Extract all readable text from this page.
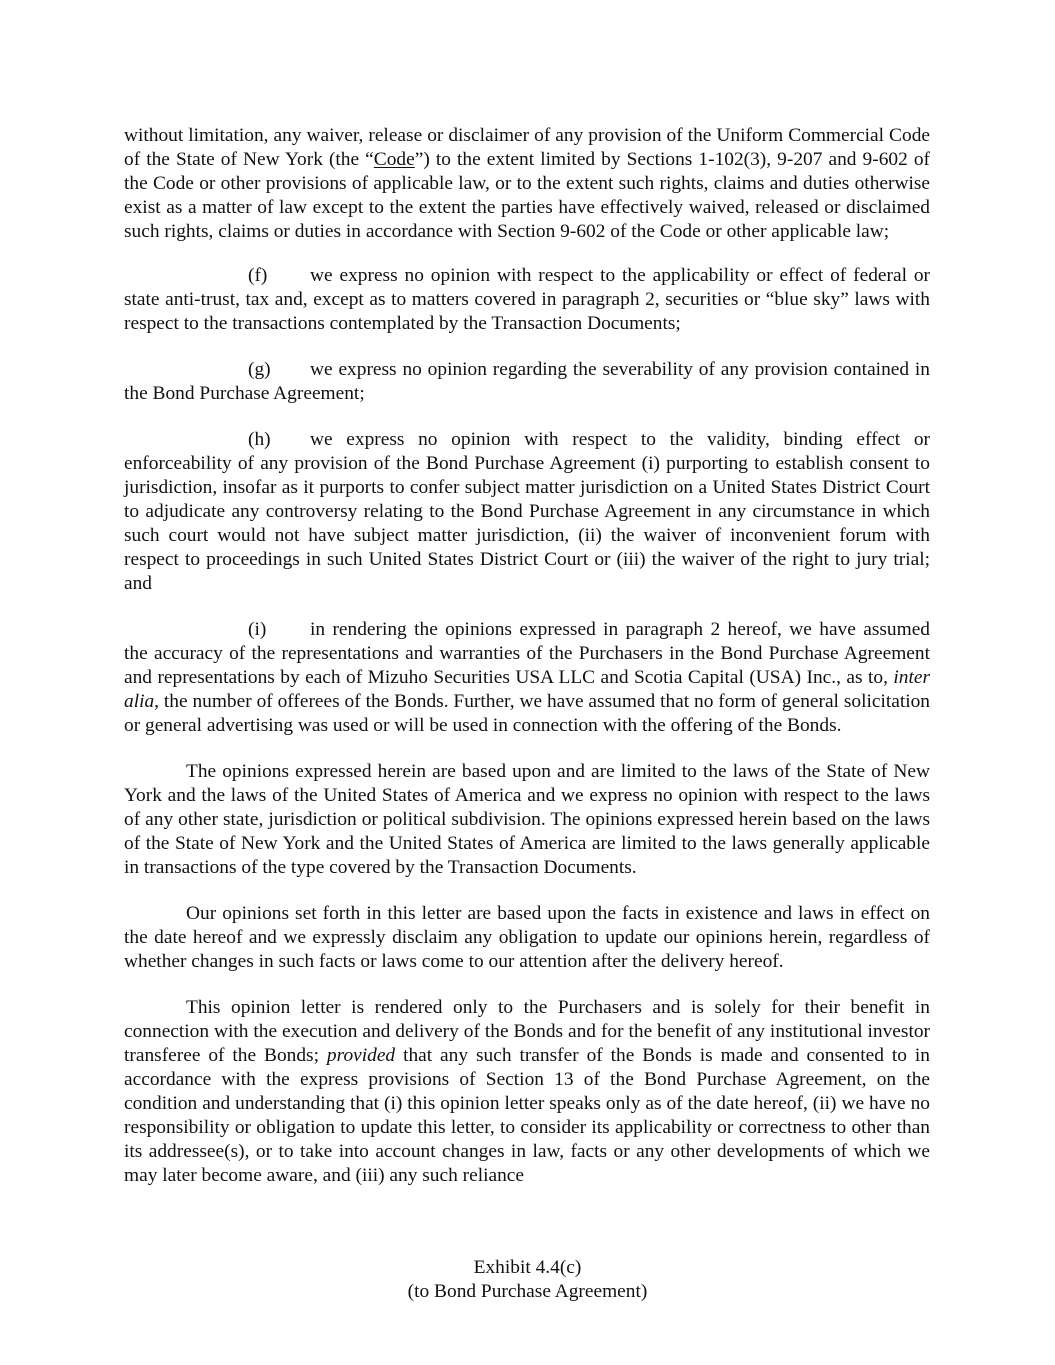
without limitation, any waiver, release or disclaimer of any provision of the Uniform Commercial Code of the State of New York (the “Code”) to the extent limited by Sections 1-102(3), 9-207 and 9-602 of the Code or other provisions of applicable law, or to the extent such rights, claims and duties otherwise exist as a matter of law except to the extent the parties have effectively waived, released or disclaimed such rights, claims or duties in accordance with Section 9-602 of the Code or other applicable law;

(f) we express no opinion with respect to the applicability or effect of federal or state anti-trust, tax and, except as to matters covered in paragraph 2, securities or “blue sky” laws with respect to the transactions contemplated by the Transaction Documents;

(g) we express no opinion regarding the severability of any provision contained in the Bond Purchase Agreement;

(h) we express no opinion with respect to the validity, binding effect or enforceability of any provision of the Bond Purchase Agreement (i) purporting to establish consent to jurisdiction, insofar as it purports to confer subject matter jurisdiction on a United States District Court to adjudicate any controversy relating to the Bond Purchase Agreement in any circumstance in which such court would not have subject matter jurisdiction, (ii) the waiver of inconvenient forum with respect to proceedings in such United States District Court or (iii) the waiver of the right to jury trial; and

(i) in rendering the opinions expressed in paragraph 2 hereof, we have assumed the accuracy of the representations and warranties of the Purchasers in the Bond Purchase Agreement and representations by each of Mizuho Securities USA LLC and Scotia Capital (USA) Inc., as to, inter alia, the number of offerees of the Bonds. Further, we have assumed that no form of general solicitation or general advertising was used or will be used in connection with the offering of the Bonds.

The opinions expressed herein are based upon and are limited to the laws of the State of New York and the laws of the United States of America and we express no opinion with respect to the laws of any other state, jurisdiction or political subdivision. The opinions expressed herein based on the laws of the State of New York and the United States of America are limited to the laws generally applicable in transactions of the type covered by the Transaction Documents.

Our opinions set forth in this letter are based upon the facts in existence and laws in effect on the date hereof and we expressly disclaim any obligation to update our opinions herein, regardless of whether changes in such facts or laws come to our attention after the delivery hereof.

This opinion letter is rendered only to the Purchasers and is solely for their benefit in connection with the execution and delivery of the Bonds and for the benefit of any institutional investor transferee of the Bonds; provided that any such transfer of the Bonds is made and consented to in accordance with the express provisions of Section 13 of the Bond Purchase Agreement, on the condition and understanding that (i) this opinion letter speaks only as of the date hereof, (ii) we have no responsibility or obligation to update this letter, to consider its applicability or correctness to other than its addressee(s), or to take into account changes in law, facts or any other developments of which we may later become aware, and (iii) any such reliance

Exhibit 4.4(c)
(to Bond Purchase Agreement)
